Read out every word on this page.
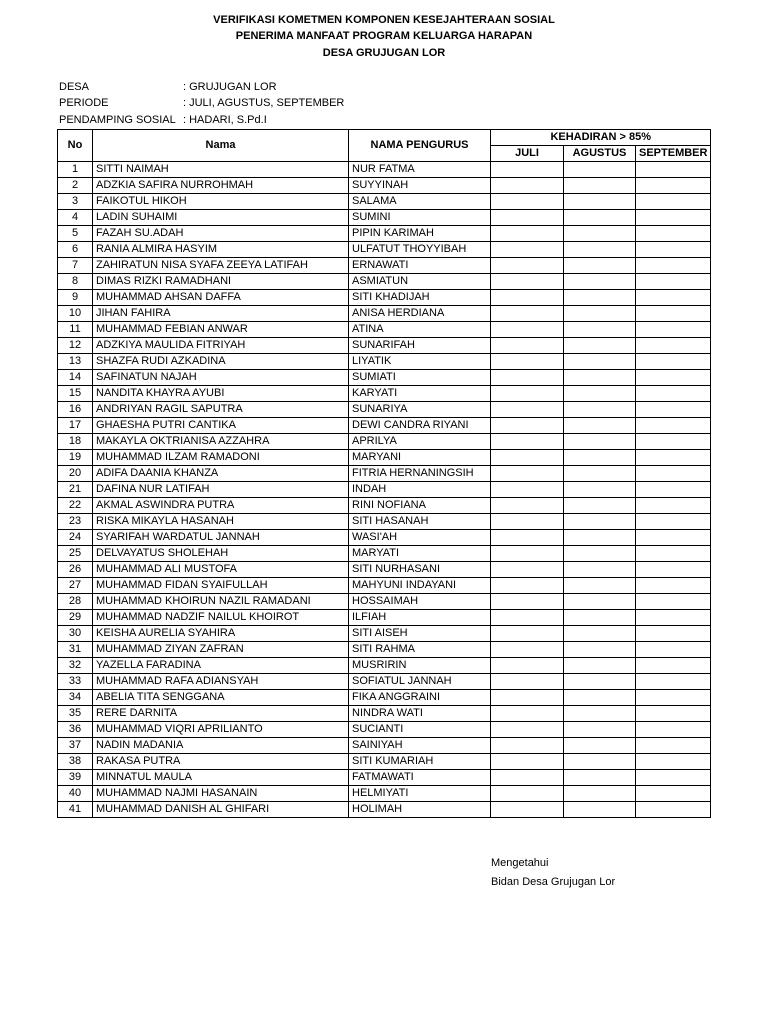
VERIFIKASI KOMETMEN KOMPONEN KESEJAHTERAAN SOSIAL
PENERIMA MANFAAT PROGRAM KELUARGA HARAPAN
DESA GRUJUGAN LOR
DESA	: GRUJUGAN LOR
PERIODE	: JULI, AGUSTUS, SEPTEMBER
PENDAMPING SOSIAL : HADARI, S.Pd.I
No	Nama	NAMA PENGURUS	KEHADIRAN > 85%		
			JULI	AGUSTUS	SEPTEMBER
1	SITTI NAIMAH	NUR FATMA			
2	ADZKIA SAFIRA NURROHMAH	SUYYINAH			
3	FAIKOTUL HIKOH	SALAMA			
4	LADIN SUHAIMI	SUMINI			
5	FAZAH SU.ADAH	PIPIN KARIMAH			
6	RANIA ALMIRA HASYIM	ULFATUT THOYYIBAH			
7	ZAHIRATUN NISA SYAFA ZEEYA LATIFAH	ERNAWATI			
8	DIMAS RIZKI RAMADHANI	ASMIATUN			
9	MUHAMMAD AHSAN DAFFA	SITI KHADIJAH			
10	JIHAN FAHIRA	ANISA HERDIANA			
11	MUHAMMAD FEBIAN ANWAR	ATINA			
12	ADZKIYA MAULIDA FITRIYAH	SUNARIFAH			
13	SHAZFA RUDI AZKADINA	LIYATIK			
14	SAFINATUN NAJAH	SUMIATI			
15	NANDITA KHAYRA AYUBI	KARYATI			
16	ANDRIYAN RAGIL SAPUTRA	SUNARIYA			
17	GHAESHA PUTRI CANTIKA	DEWI CANDRA RIYANI			
18	MAKAYLA OKTRIANISA AZZAHRA	APRILYA			
19	MUHAMMAD ILZAM RAMADONI	MARYANI			
20	ADIFA DAANIA KHANZA	FITRIA HERNANINGSIH			
21	DAFINA NUR LATIFAH	INDAH			
22	AKMAL ASWINDRA PUTRA	RINI NOFIANA			
23	RISKA MIKAYLA HASANAH	SITI HASANAH			
24	SYARIFAH WARDATUL JANNAH	WASI'AH			
25	DELVAYATUS SHOLEHAH	MARYATI			
26	MUHAMMAD ALI MUSTOFA	SITI NURHASANI			
27	MUHAMMAD FIDAN SYAIFULLAH	MAHYUNI INDAYANI			
28	MUHAMMAD KHOIRUN NAZIL RAMADANI	HOSSAIMAH			
29	MUHAMMAD NADZIF NAILUL KHOIROT	ILFIAH			
30	KEISHA AURELIA SYAHIRA	SITI AISEH			
31	MUHAMMAD ZIYAN ZAFRAN	SITI RAHMA			
32	YAZELLA FARADINA	MUSRIRIN			
33	MUHAMMAD RAFA ADIANSYAH	SOFIATUL JANNAH			
34	ABELIA TITA SENGGANA	FIKA ANGGRAINI			
35	RERE DARNITA	NINDRA WATI			
36	MUHAMMAD VIQRI APRILIANTO	SUCIANTI			
37	NADIN MADANIA	SAINIYAH			
38	RAKASA PUTRA	SITI KUMARIAH			
39	MINNATUL MAULA	FATMAWATI			
40	MUHAMMAD NAJMI HASANAIN	HELMIYATI			
41	MUHAMMAD DANISH AL GHIFARI	HOLIMAH			
Mengetahui
Bidan Desa Grujugan Lor
